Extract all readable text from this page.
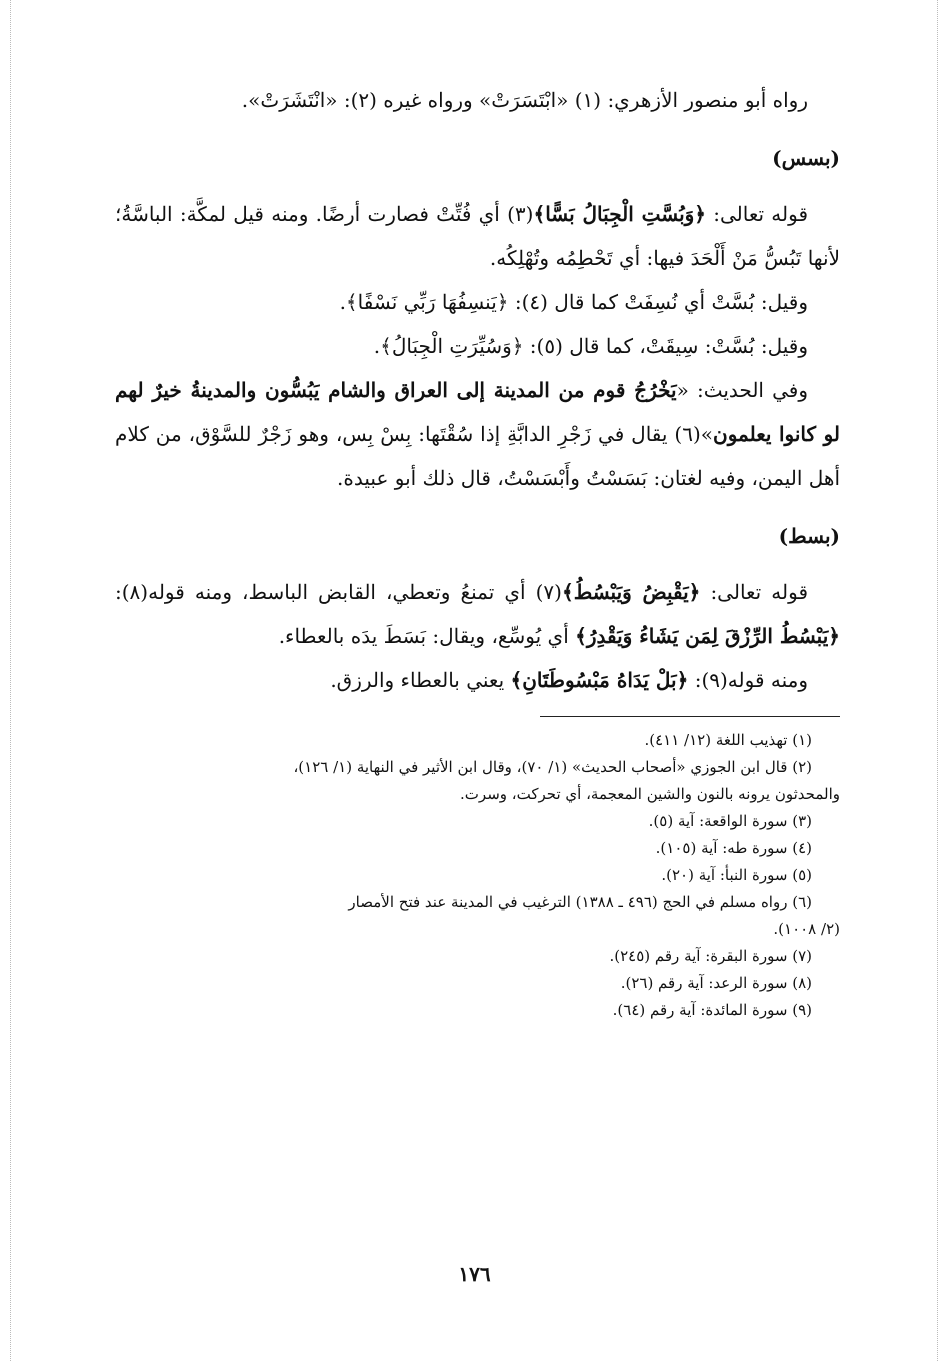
رواه أبو منصور الأزهري: (١) «ابْتَسَرَتْ» ورواه غيره (٢): «انْتَشَرَتْ».

(بسس)

قوله تعالى: ﴿وَبُسَّتِ الْجِبَالُ بَسًّا﴾(٣) أي فُتِّتْ فصارت أرضًا. ومنه قيل لمكَّة: الباسَّةُ؛ لأنها تَبُسُّ مَنْ أَلْحَدَ فيها: أي تَحْطِمُه وتُهْلِكُه.

وقيل: بُسَّتْ أي نُسِفَتْ كما قال (٤): ﴿يَنسِفُهَا رَبِّي نَسْفًا﴾.

وقيل: بُسَّتْ: سِيقَتْ، كما قال (٥): ﴿وَسُيِّرَتِ الْجِبَالُ﴾.

وفي الحديث: «يَخْرُجُ قوم من المدينة إلى العراق والشام يَبُسُّون والمدينةُ خيرٌ لهم لو كانوا يعلمون»(٦) يقال في زَجْرِ الدابَّةِ إذا سُقْتَها: بِسْ بِس، وهو زَجْرٌ للسَّوْق، من كلام أهل اليمن، وفيه لغتان: بَسَسْتُ وأَبْسَسْتُ، قال ذلك أبو عبيدة.

(بسط)

قوله تعالى: ﴿يَقْبِضُ وَيَبْسُطُ﴾(٧) أي تمنعُ وتعطي، القابض الباسط، ومنه قوله(٨): ﴿يَبْسُطُ الرِّزْقَ لِمَن يَشَاءُ وَيَقْدِرُ﴾ أي يُوسِّع، ويقال: بَسَطَ يدَه بالعطاء.

ومنه قوله(٩): ﴿بَلْ يَدَاهُ مَبْسُوطَتَانِ﴾ يعني بالعطاء والرزق.

(١) تهذيب اللغة (١٢/ ٤١١).

(٢) قال ابن الجوزي «أصحاب الحديث» (١/ ٧٠)، وقال ابن الأثير في النهاية (١/ ١٢٦)،

والمحدثون يرونه بالنون والشين المعجمة، أي تحركت، وسرت.

(٣) سورة الواقعة: آية (٥).

(٤) سورة طه: آية (١٠٥).

(٥) سورة النبأ: آية (٢٠).

(٦) رواه مسلم في الحج (٤٩٦ ـ ١٣٨٨) الترغيب في المدينة عند فتح الأمصار

(٢/ ١٠٠٨).

(٧) سورة البقرة: آية رقم (٢٤٥).

(٨) سورة الرعد: آية رقم (٢٦).

(٩) سورة المائدة: آية رقم (٦٤).

١٧٦
